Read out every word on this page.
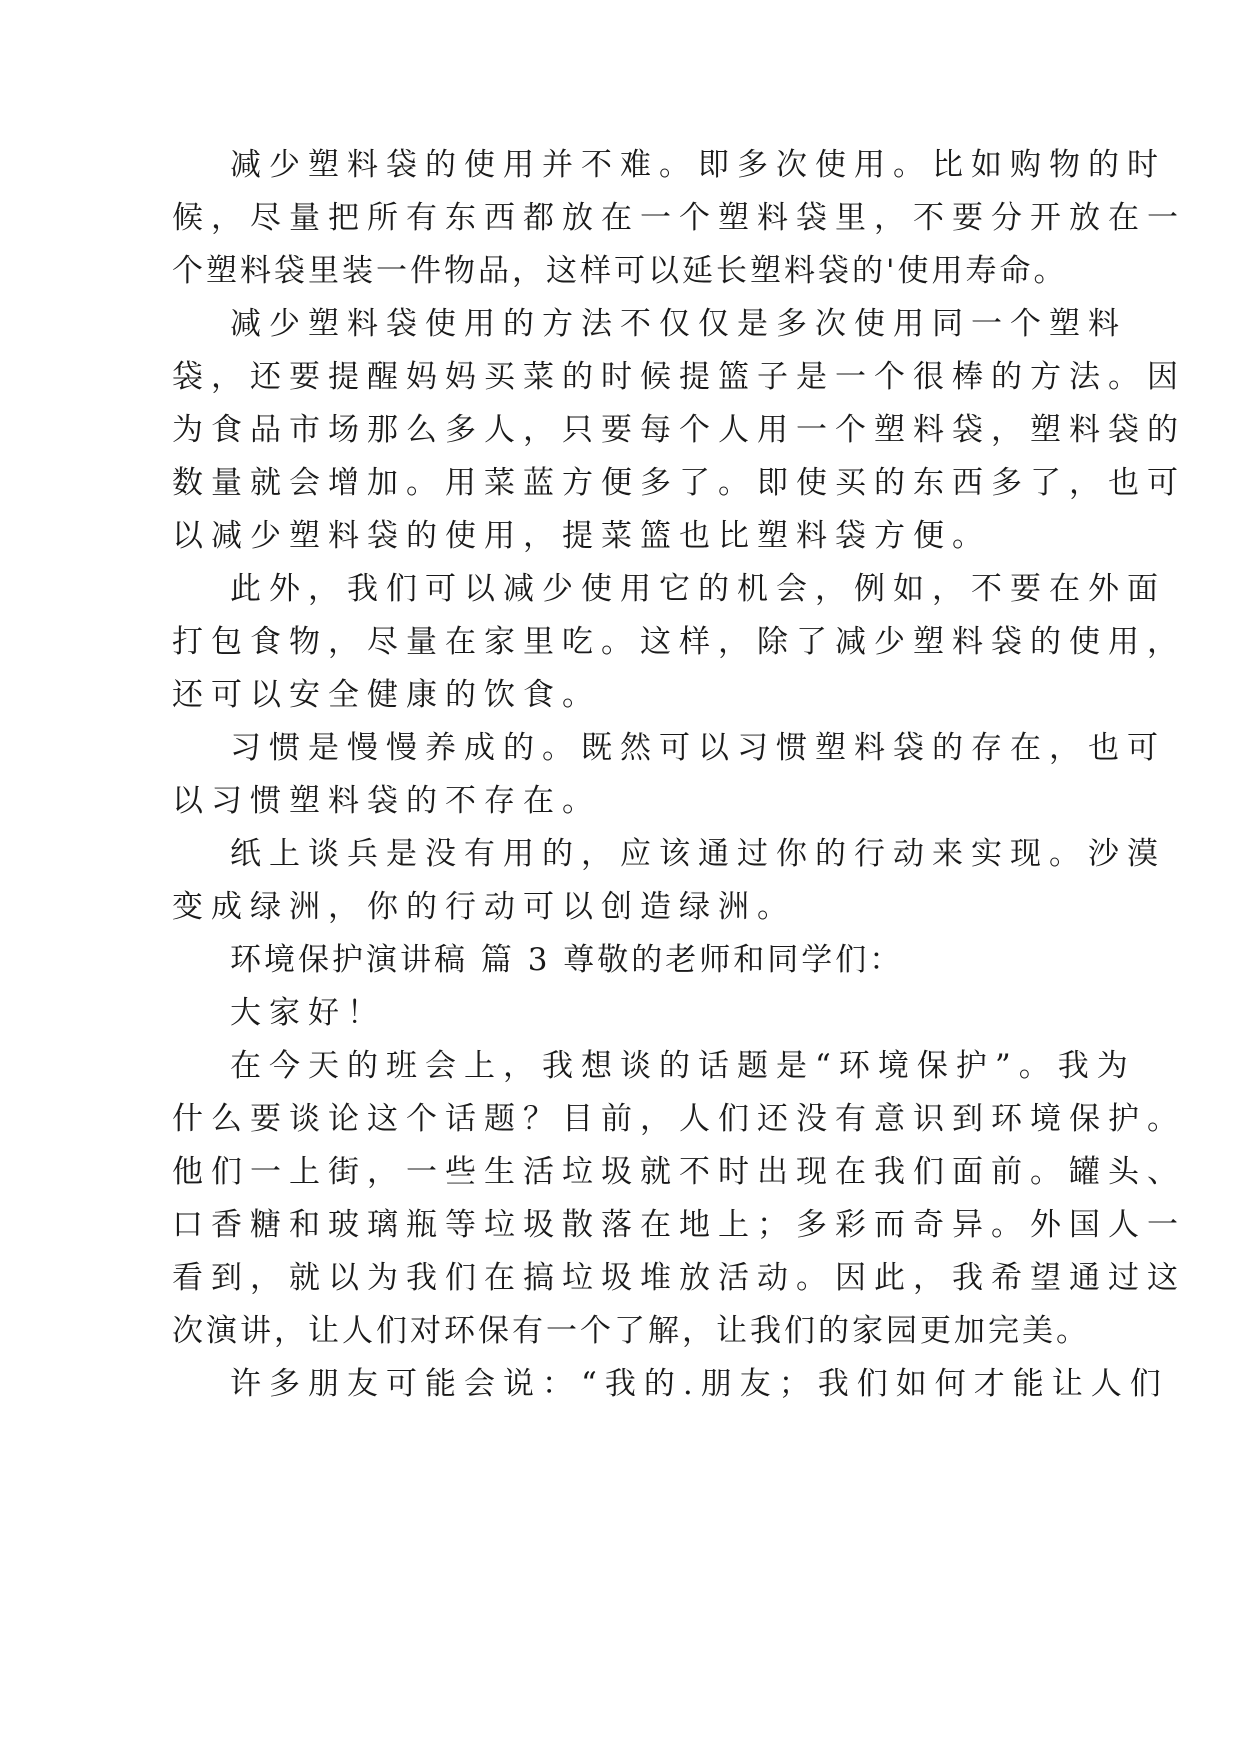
减少塑料袋的使用并不难。即多次使用。比如购物的时
候，尽量把所有东西都放在一个塑料袋里，不要分开放在一
个塑料袋里装一件物品，这样可以延长塑料袋的'使用寿命。
减少塑料袋使用的方法不仅仅是多次使用同一个塑料
袋，还要提醒妈妈买菜的时候提篮子是一个很棒的方法。因
为食品市场那么多人，只要每个人用一个塑料袋，塑料袋的
数量就会增加。用菜蓝方便多了。即使买的东西多了，也可
以减少塑料袋的使用，提菜篮也比塑料袋方便。
此外，我们可以减少使用它的机会，例如，不要在外面
打包食物，尽量在家里吃。这样，除了减少塑料袋的使用，
还可以安全健康的饮食。
习惯是慢慢养成的。既然可以习惯塑料袋的存在，也可
以习惯塑料袋的不存在。
纸上谈兵是没有用的，应该通过你的行动来实现。沙漠
变成绿洲，你的行动可以创造绿洲。
环境保护演讲稿 篇 3 尊敬的老师和同学们：
大家好！
在今天的班会上，我想谈的话题是“环境保护”。我为
什么要谈论这个话题？目前，人们还没有意识到环境保护。
他们一上街，一些生活垃圾就不时出现在我们面前。罐头、
口香糖和玻璃瓶等垃圾散落在地上；多彩而奇异。外国人一
看到，就以为我们在搞垃圾堆放活动。因此，我希望通过这
次演讲，让人们对环保有一个了解，让我们的家园更加完美。
许多朋友可能会说：“我的.朋友；我们如何才能让人们
